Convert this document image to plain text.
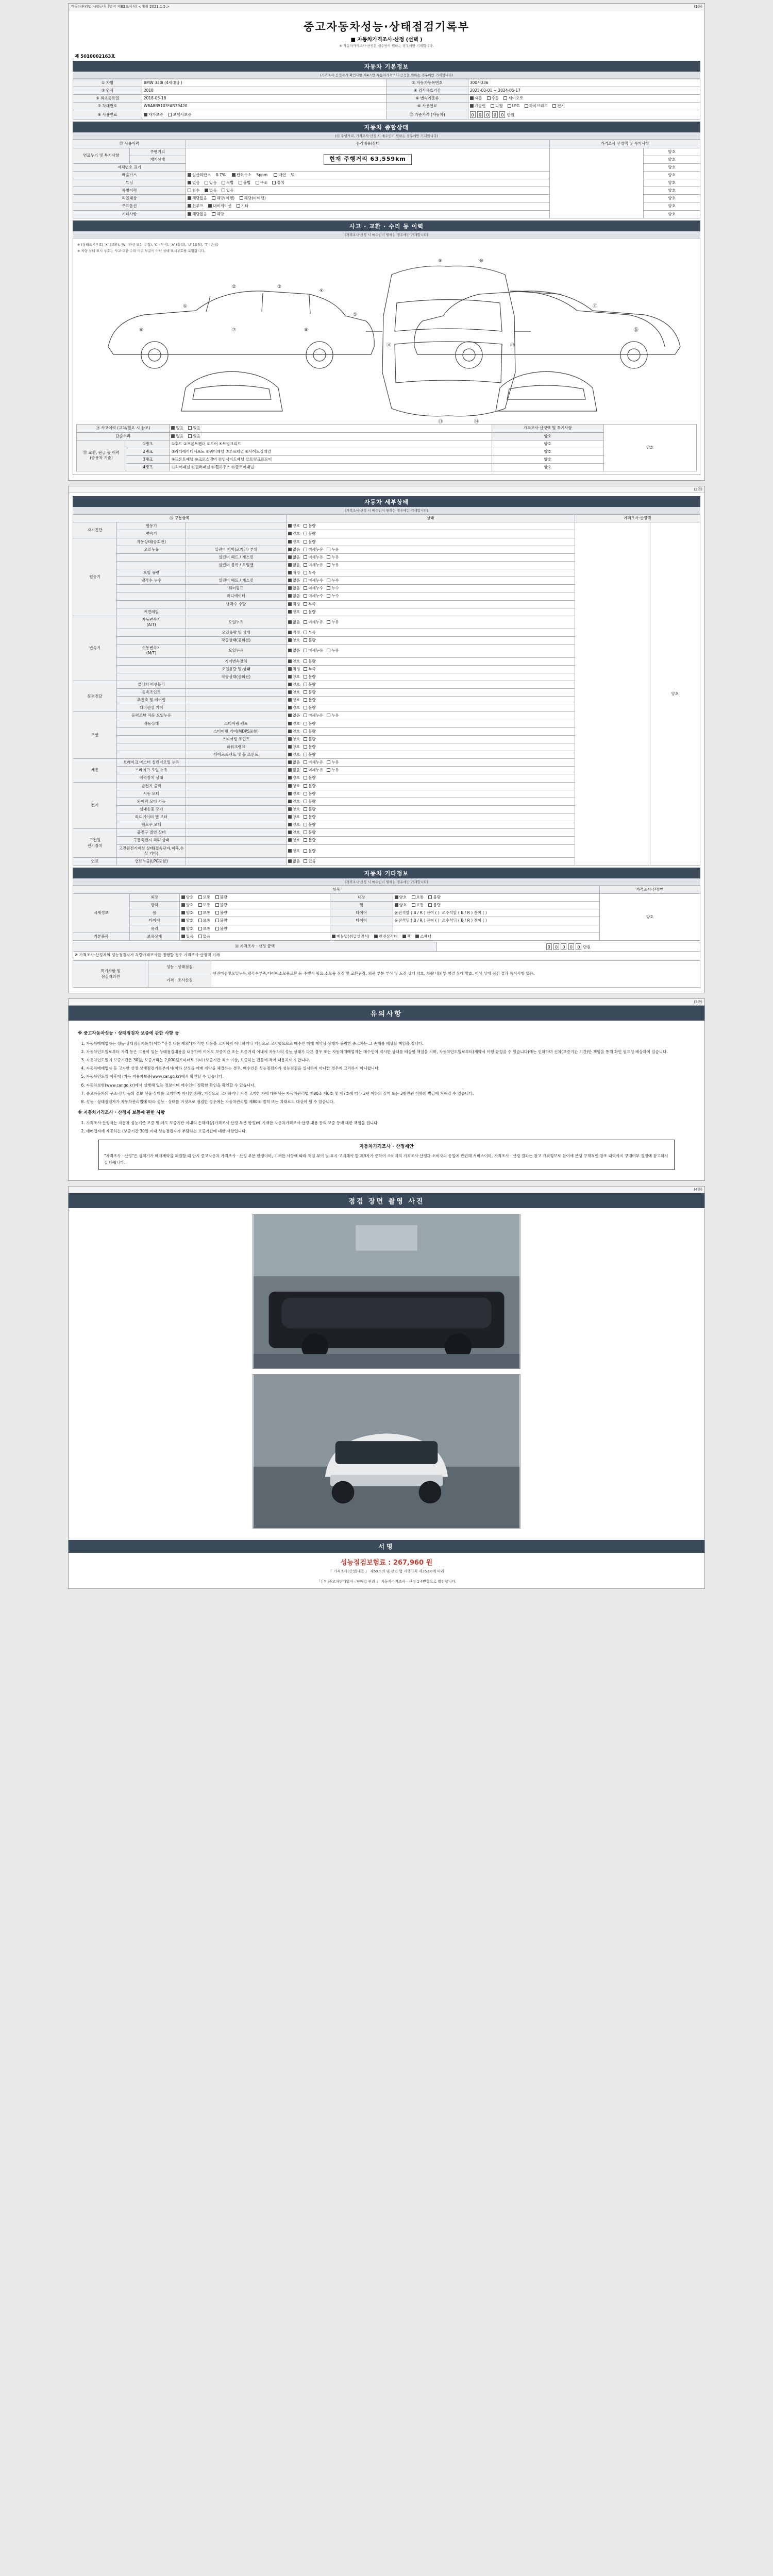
자동차관리법 시행규칙 [별지 제82호서식] <개정 2021.1.5.>	(1쪽)
중고자동차성능·상태점검기록부
■ 자동차가격조사·산정 (선택 )
※ 자동차가격조사·산정은 매수인이 원하는 경우에만 기재합니다.
제 5010002163호
자동차 기본정보
(가격조사·산정자가 확인사항 제4조만 자동차가격조사·산정을 원하는 경우에만 기재합니다)
① 차명	BMW 330i (4세대급 )	② 자동차등록번호	300서336
③ 연식	2018	④ 검사유효기간	2023-03-01 ~ 2024-05-17
⑤ 최초등록일	2018-05-18	⑥ 변속기종류	자동 수동 세미오토
⑦ 차대번호	WBA8B5103*AR39420	⑧ 사용연료	가솔린 디젤 LPG 하이브리드 전기
⑨ 사용연료	자가보증 보험사보증	⑫ 기준가격 (자동차)	0 0 0 0 0 만원
자동차 종합상태
(⑬ 주행거리, 가격조사·산정 시 매수인이 원하는 경우에만 기재합니다)
⑬ 사용이력		점검내용/상태	가격조사·산정액 및 특기사항	
연료누기 및 특기사항	주행거리	현재 주행거리 63,559km		양호
	계기상태			양호
자체번호 표기				양호
배출가스		일산화탄소 0.7% 탄화수소 5ppm 매연 %		양호
튜닝		없음 있음 적법 불법 구조 장치		양호
특별이력		침수 없음 있음		양호
리콜대상		해당없음 해당(이행) 해당(미이행)		양호
주요옵션		선루프 내비게이션 기타		양호
기타사항		해당없음 해당		양호
사고 · 교환 · 수리 등 이력
(가격조사·산정 시 매수인이 원하는 경우에만 기재합니다)
※ (상태표시부호) ‘X’ (교환), ‘W’ (판금 또는 용접), ‘C’ (부식), ‘A’ (흠집), ‘U’ (요철), ‘T’ (손상)
※ 차량 상태 표시 부호는 사고·교환·수리 이력 부분이 아닌 상태 표시부호를 포함합니다.
①
②	③
④
⑤
⑥	⑦	⑧
⑨	⑩
⑪	⑫
⑬	⑭
⑮
⑯
⑭ 사고이력 (교차/필요 시 참조)		없음 있음	가격조사·산정액 및 특기사항	양호
단순수리		없음 있음	양호	
⑮ 교환, 판금 등 이력
(승용차 기준)	1랭크	①후드 ②프론트펜더 ③도어 ④트렁크리드	양호	
	2랭크	⑤라디에이터서포트 ⑥쿼터패널 ⑦루프패널 ⑧사이드실패널	양호	
	3랭크	⑨프론트패널 ⑩크로스멤버 ⑪인사이드패널 ⑫트렁크플로어	양호	
	4랭크	⑬리어패널 ⑭필러패널 ⑮휠하우스 ⑯플로어패널	양호	
(2쪽)
자동차 세부상태
(가격조사·산정 시 매수인이 원하는 경우에만 기재합니다)
⑯ 구분항목			상태	가격조사·산정액	
자기진단	원동기		양호 불량		양호
	변속기		양호 불량		
원동기	작동상태(공회전)		양호 불량		
	오일누유	실린더 커버(로커암) 부위	없음 미세누유 누유		
		실린더 헤드 / 개스킷	없음 미세누유 누유		
		실린더 블록 / 오일팬	없음 미세누유 누유		
	오일 유량		적정 부족		
	냉각수 누수	실린더 헤드 / 개스킷	없음 미세누수 누수		
		워터펌프	없음 미세누수 누수		
		라디에이터	없음 미세누수 누수		
		냉각수 수량	적정 부족		
	커먼레일		양호 불량		
변속기	자동변속기
(A/T)	오일누유	없음 미세누유 누유		
		오일유량 및 상태	적정 부족		
		작동상태(공회전)	양호 불량		
	수동변속기
(M/T)	오일누유	없음 미세누유 누유		
		기어변속장치	양호 불량		
		오일유량 및 상태	적정 부족		
		작동상태(공회전)	양호 불량		
동력전달	클러치 어셈블리		양호 불량		
	등속조인트		양호 불량		
	추진축 및 베어링		양호 불량		
	디퍼렌셜 기어		양호 불량		
조향	동력조향 작동 오일누유		없음 미세누유 누유		
	작동상태	스티어링 펌프	양호 불량		
		스티어링 기어(MDPS포함)	양호 불량		
		스티어링 조인트	양호 불량		
		파워크랭크	양호 불량		
		타이로드엔드 및 볼 조인트	양호 불량		
제동	브레이크 마스터 실린더오일 누유		없음 미세누유 누유		
	브레이크 오일 누유		없음 미세누유 누유		
	배력장치 상태		양호 불량		
전기	발전기 출력		양호 불량		
	시동 모터		양호 불량		
	와이퍼 모터 기능		양호 불량		
	실내송풍 모터		양호 불량		
	라디에이터 팬 모터		양호 불량		
	윈도우 모터		양호 불량		
고전원
전기장치	충전구 절연 상태		양호 불량		
	구동축전지 격리 상태		양호 불량		
	고전원전기배선 상태(접속단자,피복,손상 기타)		양호 불량		
연료	연료누출(LPG포함)		없음 있음		
자동차 기타정보
(가격조사·산정 시 매수인이 원하는 경우에만 기재합니다)
항목					가격조사·산정액
시세정보	외장	양호 보통 불량	내장	양호 보통 불량	양호
	광택	양호 보통 불량	휠	양호 보통 불량	
	룸	양호 보통 불량	타이어	운전석앞 ( B / R ) 잔여 ( )  조수석앞 ( B / R ) 잔여 ( )	
	타이어	양호 보통 불량	타이어	운전석뒤 ( B / R ) 잔여 ( )  조수석뒤 ( B / R ) 잔여 ( )	
	유리	양호 보통 불량			
기본품목	보유상태	있음 없음	메뉴얼(취급설명서) 안전삼각대 잭 스패너		
⑰ 가격조사 · 산정 금액	0 0 0 0 0 만원
※ 가격조사·산정자의 성능점검자가 차량가격조사를 병행할 경우 가격조사·산정액 기재
특기사항 및
점검자의견	성능 · 상태점검	엔진미션및오일누유,냉각수부족,타이어소모품교환 등 주행시 필요 소모품 점검 및 교환권장. 외관 부분 부식 및 도장 상태 양호. 차량 내외부 청결 상태 양호. 이상 상태 점검 결과 특이사항 없음.
가격 · 조사산정
(3쪽)
유의사항
※ 중고자동차성능 · 상태점검자 보증에 관한 사항 등
1. 자동차매매업자는 성능·상태점검기록부(이하 "산정 내용 제외")가 적힌 내용을 고지하지 아니하거나 거짓으로 고지했으므로 매수인 매매 계약상 상태가 불량한 중고차는 그 손해를 배상할 책임을 집니다.
2. 자동차인도일로부터 가격 등은 고용이 있는 상태점검내용을 내용하여 이에도 보증기간 또는 보증거리 이내에 자동차의 성능·상태가 다른 경우 또는 자동차매매업자는 매수인이 직시한 상태를 배상할 책임을 지며, 자동차인도일로부터(계약서 이행 규정을 수 있습니다)에는 인하하며 신차(보증기간 기간)만 책임을 통해 확인 필요성 배상하여 있습니다.
3. 자동차인도일에 보증기간은 30일, 보증거리는 2,000킬로미터로 하며 (보증기간 최소 이상, 보증하는 건물에 적어 내용하여야 합니다.
4. 자동차매매업자 등 고지한 산정·상태점검기록부에서(이하 산정을 매매 계약을 체결하는 경우, 매수인은 성능점검자가 성능점검을 실시하지 아니한 경우에 그러하지 아니합니다.
5. 자동차인도일 이후에 (취득 지용자보증(www.car.go.kr)에서 확인할 수 있습니다.
6. 자동차보험(www.car.go.kr)에서 실행해 있는 정보이며 매수인이 정확한 확인을 확인할 수 있습니다.
7. 중고자동차의 구조·장치 등의 정보 선물·상태를 고지하지 아니한 차량, 거짓으로 고지하거나 거짓 고지한 자에 대해서는 자동차관리법 제80조 제6호 및 제7호에 따라 3년 이하의 징역 또는 3천만원 이하의 벌금에 처해질 수 있습니다.
8. 성능 · 상태점검자가 자동차관리법에 따라 성능 · 상태를 거짓으로 점검한 경우에는 자동차관리법 제80조 벌칙 또는 과태료의 대상이 될 수 있습니다.
※ 자동차가격조사 · 산정자 보증에 관한 사항
1. 가격조사·산정자는 자동차 성능기준 보증 및 매도 보증기관 이내의 손해배상(가격조사·산정 부분 한정)에 기재한 자동차가격조사·산정 내용 등의 보증 등에 대한 책임을 집니다.
2. 매매업자에 제공하는 (보증기간 30일 이내 성능점검자가 부담하는 보증기간에 대한 사항입니다.
자동차가격조사 · 산정제안
"가격조사 · 산정"은 심의기가 매매계약을 체결할 때 단지 중고자동차 가격조사 · 산정 부분 한정이며, 기재한 사항에 따라 책임 부여 및 표시·고지해야 할 제3자가 준하여 소비자의 가격조사·산정과 소비자의 동일에 관련해 서비스이며, 가격조사 · 산정 결과는 참고 가격정보로 참여에 분쟁 구체적인 참조 내역까지 구매여부 결정에 참고하시길 바랍니다.
(4쪽)
점검 장면 촬영 사진
서명
성능점검보험료 : 267,960 원
「 가격조사(산정)내용 」 제59조의 및 관련 법 시행규칙 제35조8에 따라
「 [ Y ]중고차판매업자 · 판매업 권리 」 자동차가격조사 · 산정 1 4만항으로 확인합니다.
